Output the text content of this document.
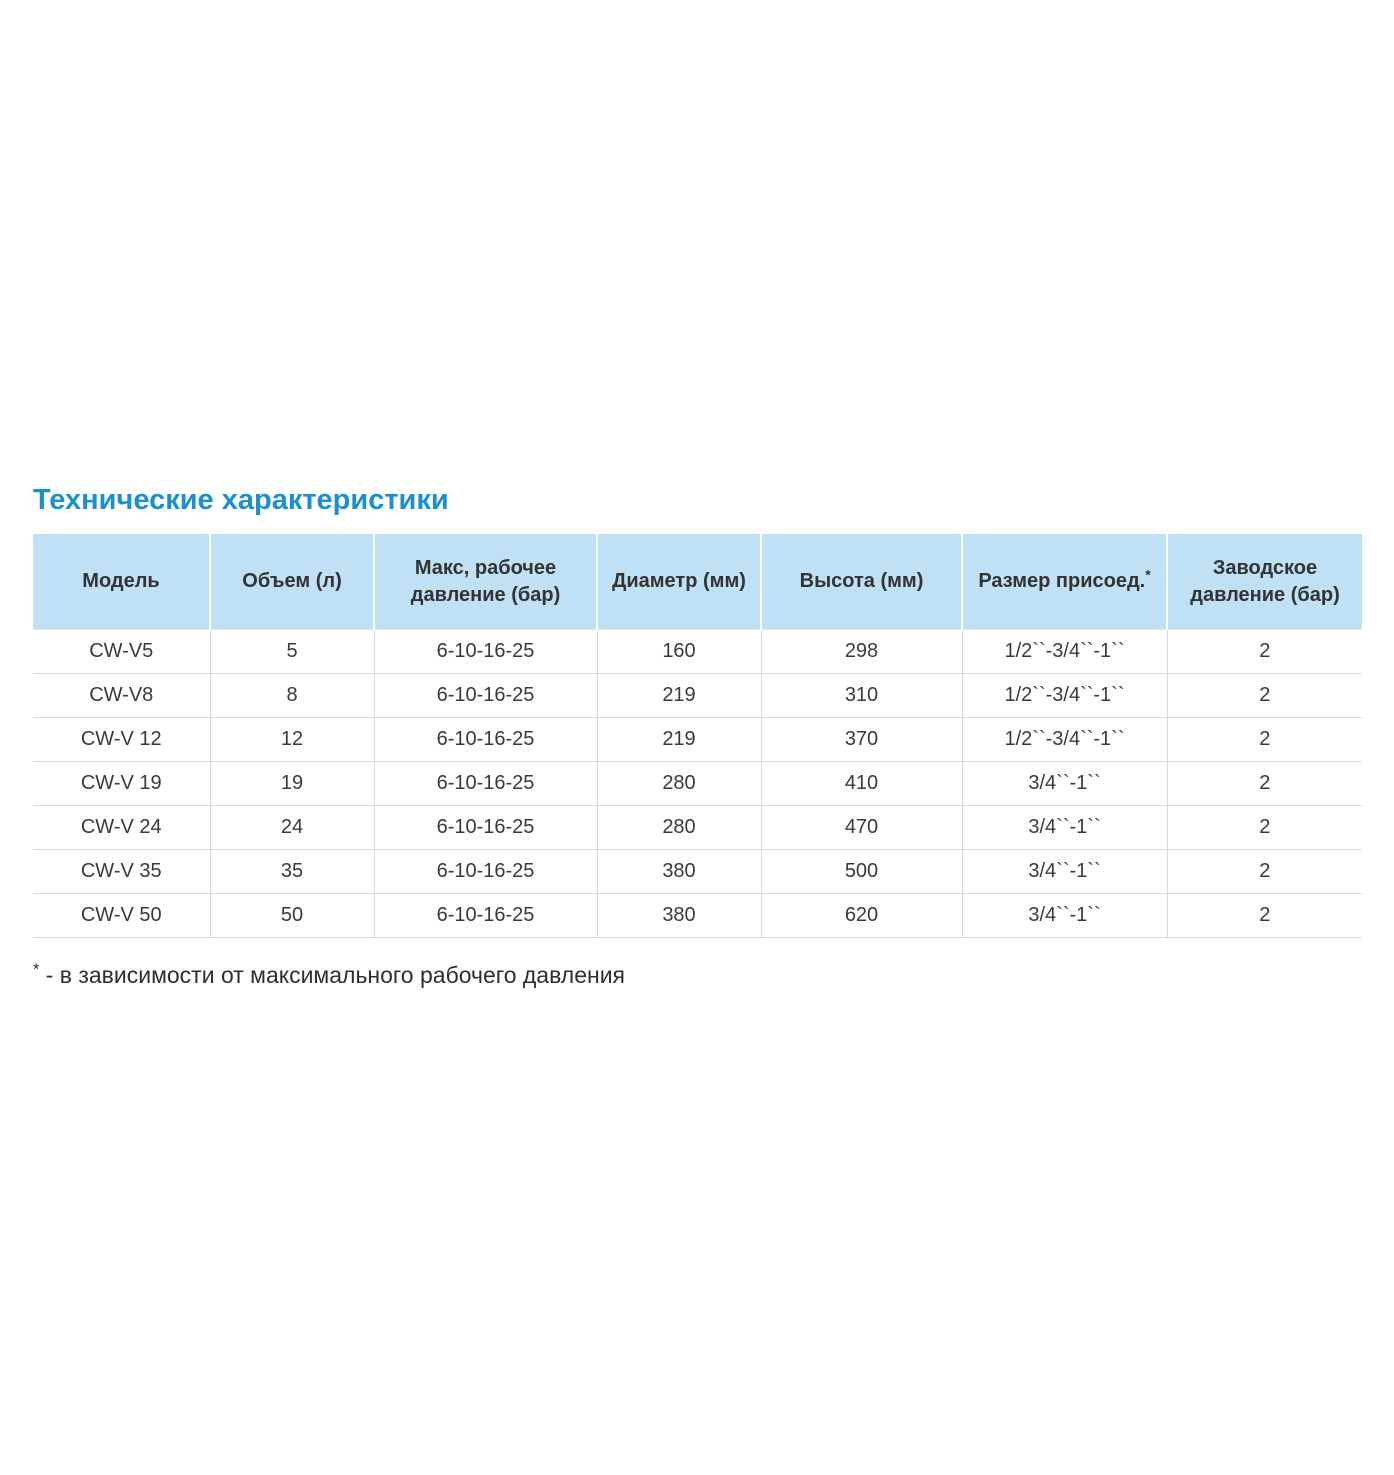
Технические характеристики
Модель	Объем (л)	Макс, рабочее давление (бар)	Диаметр (мм)	Высота (мм)	Размер присоед.*	Заводское давление (бар)
CW-V5	5	6-10-16-25	160	298	1/2``-3/4``-1``	2
CW-V8	8	6-10-16-25	219	310	1/2``-3/4``-1``	2
CW-V 12	12	6-10-16-25	219	370	1/2``-3/4``-1``	2
CW-V 19	19	6-10-16-25	280	410	3/4``-1``	2
CW-V 24	24	6-10-16-25	280	470	3/4``-1``	2
CW-V 35	35	6-10-16-25	380	500	3/4``-1``	2
CW-V 50	50	6-10-16-25	380	620	3/4``-1``	2

* - в зависимости от максимального рабочего давления
